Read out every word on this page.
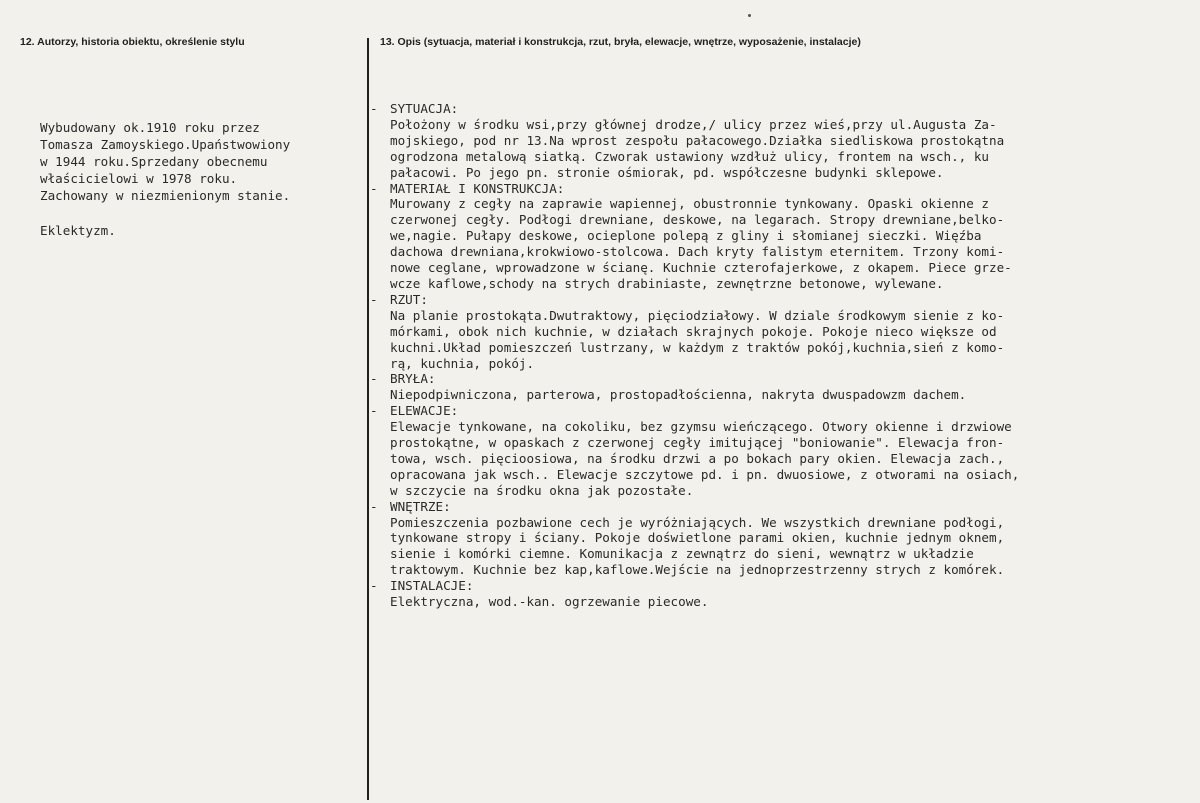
12. Autorzy, historia obiektu, określenie stylu	13. Opis (sytuacja, materiał i konstrukcja, rzut, bryła, elewacje, wnętrze, wyposażenie, instalacje)
Wybudowany ok.1910 roku przez
Tomasza Zamoyskiego.Upaństwowiony
w 1944 roku.Sprzedany obecnemu
właścicielowi w 1978 roku.
Zachowany w niezmienionym stanie.
Eklektyzm.
- SYTUACJA:
Położony w środku wsi,przy głównej drodze,/ ulicy przez wieś,przy ul.Augusta Za-
mojskiego, pod nr 13.Na wprost zespołu pałacowego.Działka siedliskowa prostokątna
ogrodzona metalową siatką. Czworak ustawiony wzdłuż ulicy, frontem na wsch., ku
pałacowi. Po jego pn. stronie ośmiorak, pd. współczesne budynki sklepowe.
- MATERIAŁ I KONSTRUKCJA:
Murowany z cegły na zaprawie wapiennej, obustronnie tynkowany. Opaski okienne z
czerwonej cegły. Podłogi drewniane, deskowe, na legarach. Stropy drewniane,belko-
we,nagie. Pułapy deskowe, ocieplone polepą z gliny i słomianej sieczki. Więźba
dachowa drewniana,krokwiowo-stolcowa. Dach kryty falistym eternitem. Trzony komi-
nowe ceglane, wprowadzone w ścianę. Kuchnie czterofajerkowe, z okapem. Piece grze-
wcze kaflowe,schody na strych drabiniaste, zewnętrzne betonowe, wylewane.
- RZUT:
Na planie prostokąta.Dwutraktowy, pięciodziałowy. W dziale środkowym sienie z ko-
mórkami, obok nich kuchnie, w działach skrajnych pokoje. Pokoje nieco większe od
kuchni.Układ pomieszczeń lustrzany, w każdym z traktów pokój,kuchnia,sień z komo-
rą, kuchnia, pokój.
- BRYŁA:
Niepodpiwniczona, parterowa, prostopadłościenna, nakryta dwuspadowzm dachem.
- ELEWACJE:
Elewacje tynkowane, na cokoliku, bez gzymsu wieńczącego. Otwory okienne i drzwiowe
prostokątne, w opaskach z czerwonej cegły imitującej "boniowanie". Elewacja fron-
towa, wsch. pięcioosiowa, na środku drzwi a po bokach pary okien. Elewacja zach.,
opracowana jak wsch.. Elewacje szczytowe pd. i pn. dwuosiowe, z otworami na osiach,
w szczycie na środku okna jak pozostałe.
- WNĘTRZE:
Pomieszczenia pozbawione cech je wyróżniających. We wszystkich drewniane podłogi,
tynkowane stropy i ściany. Pokoje doświetlone parami okien, kuchnie jednym oknem,
sienie i komórki ciemne. Komunikacja z zewnątrz do sieni, wewnątrz w układzie
traktowym. Kuchnie bez kap,kaflowe.Wejście na jednoprzestrzenny strych z komórek.
- INSTALACJE:
Elektryczna, wod.-kan. ogrzewanie piecowe.
